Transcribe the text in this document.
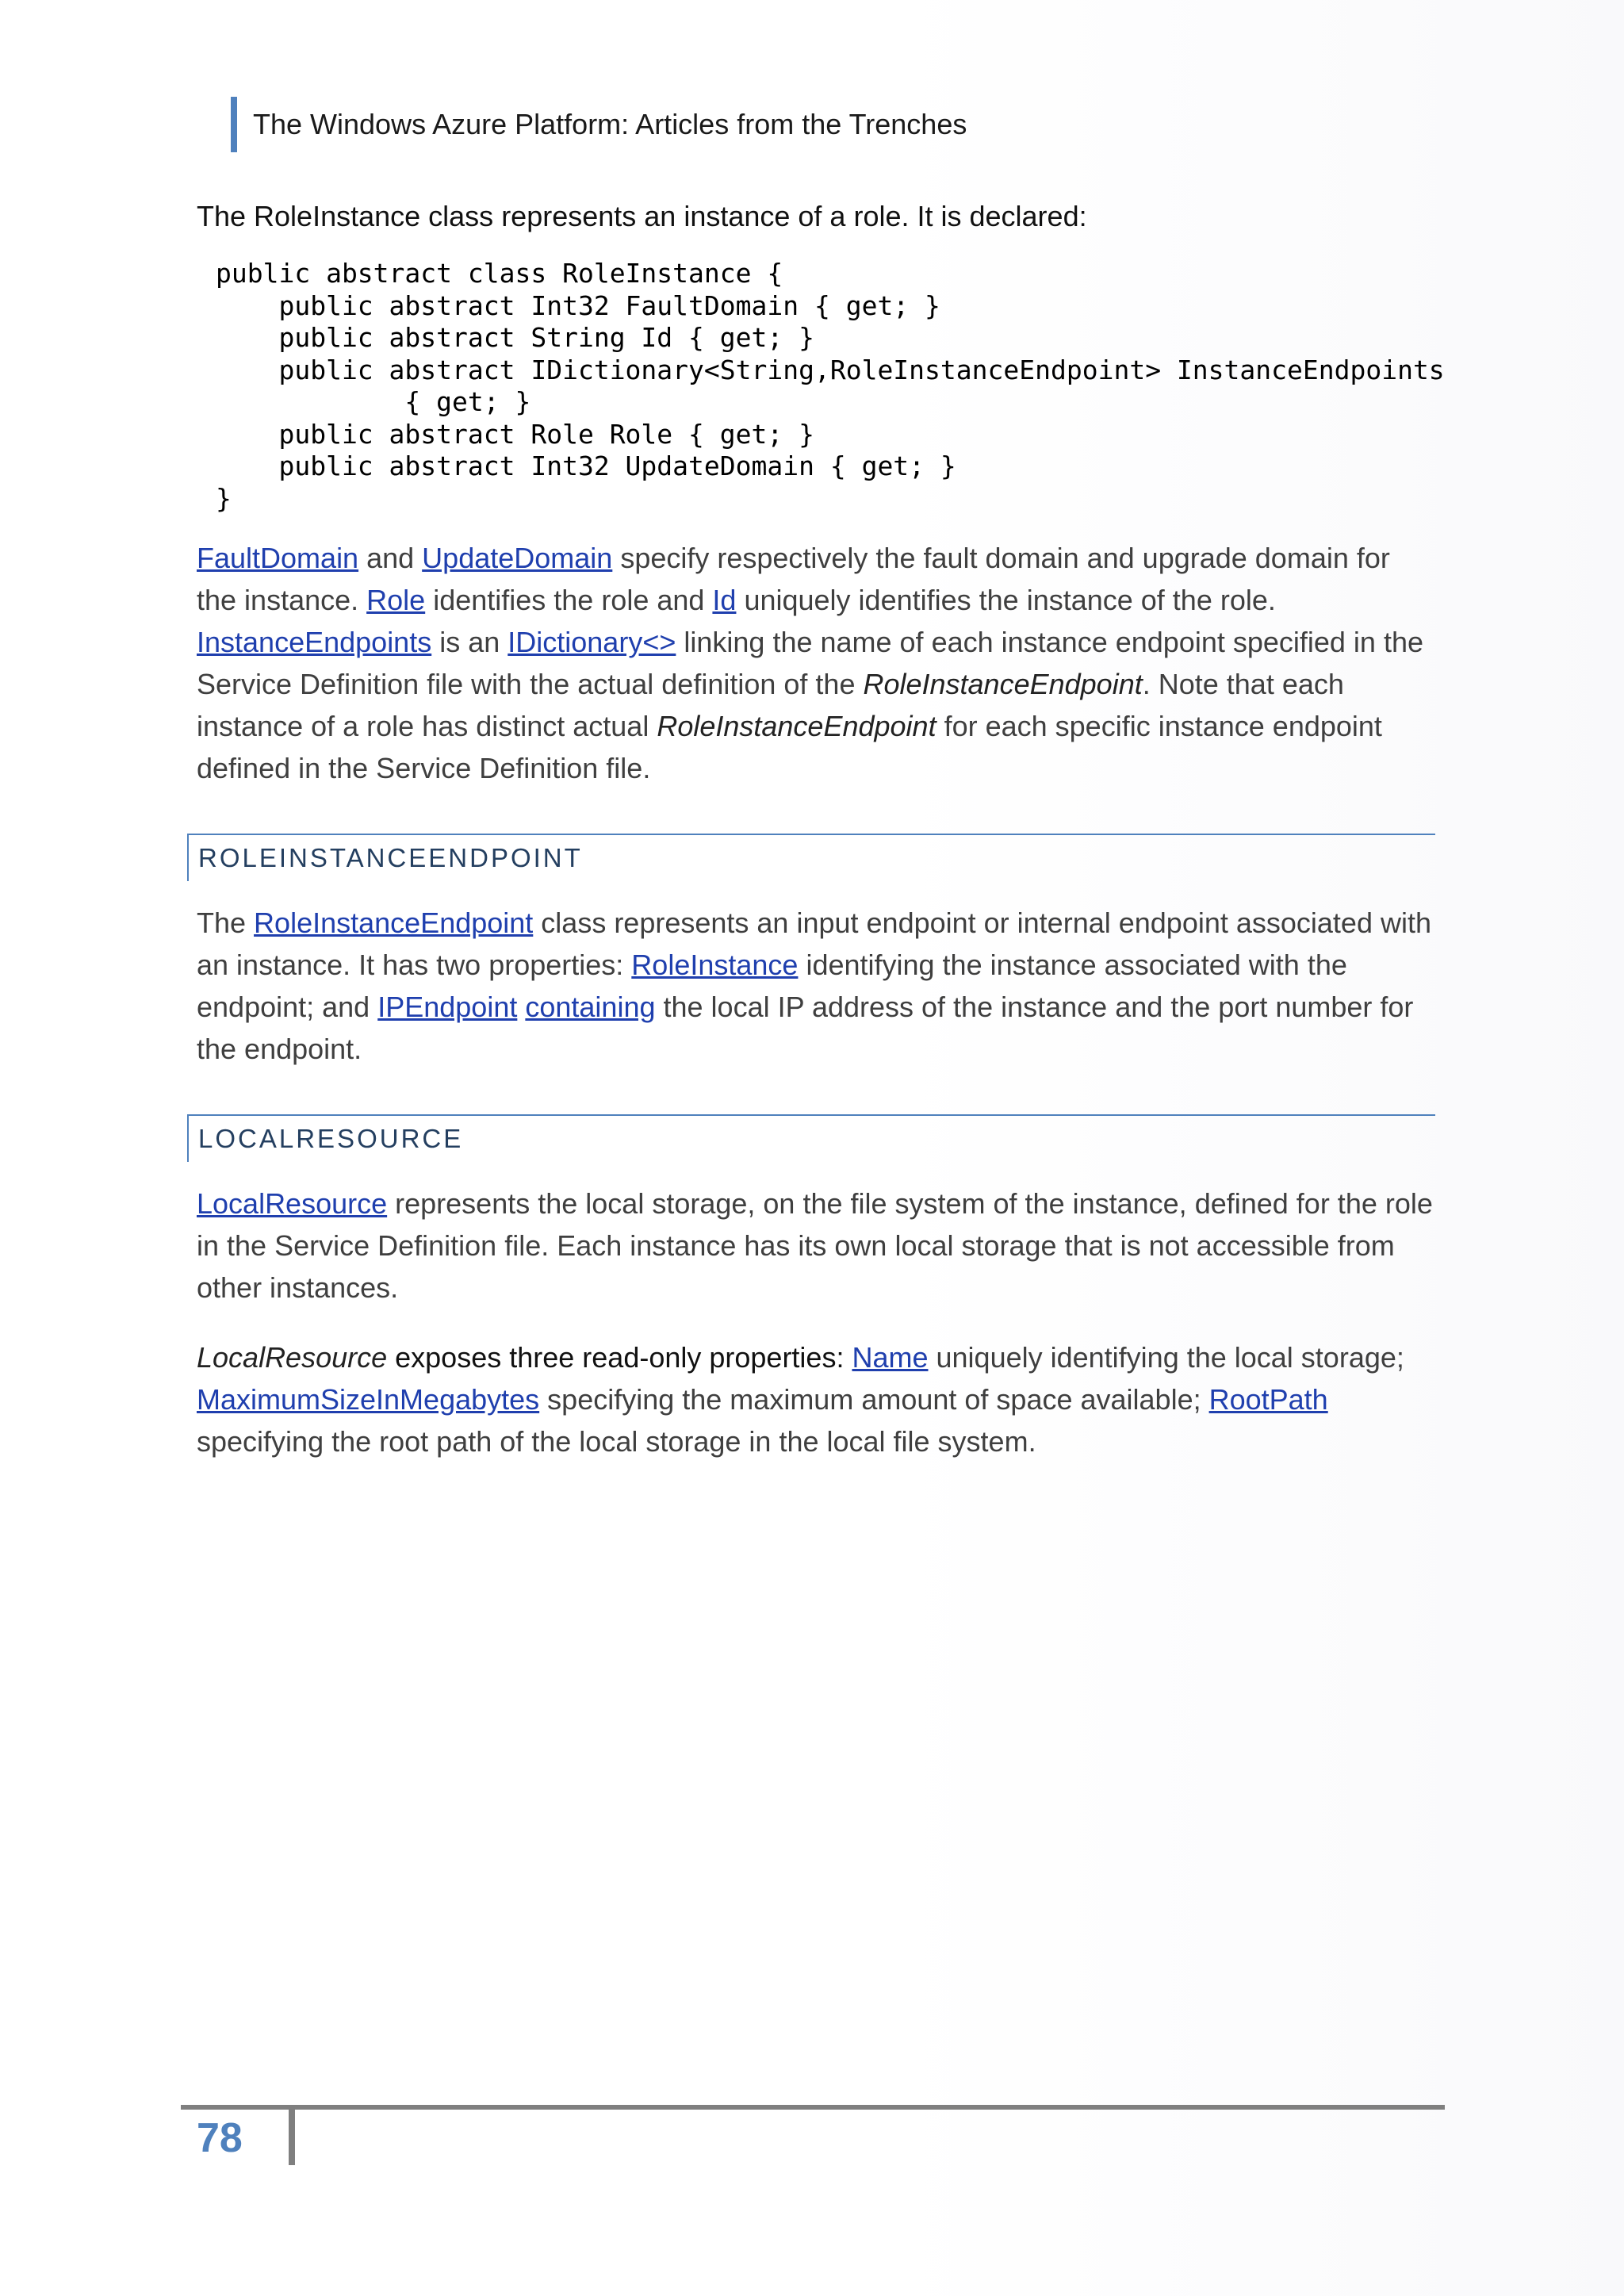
The Windows Azure Platform: Articles from the Trenches

The RoleInstance class represents an instance of a role. It is declared:

public abstract class RoleInstance {
public abstract Int32 FaultDomain { get; }
public abstract String Id { get; }
public abstract IDictionary<String,RoleInstanceEndpoint> InstanceEndpoints
{ get; }
public abstract Role Role { get; }
public abstract Int32 UpdateDomain { get; }
}

FaultDomain and UpdateDomain specify respectively the fault domain and upgrade domain for the instance. Role identifies the role and Id uniquely identifies the instance of the role. InstanceEndpoints is an IDictionary<> linking the name of each instance endpoint specified in the Service Definition file with the actual definition of the RoleInstanceEndpoint. Note that each instance of a role has distinct actual RoleInstanceEndpoint for each specific instance endpoint defined in the Service Definition file.

ROLEINSTANCEENDPOINT

The RoleInstanceEndpoint class represents an input endpoint or internal endpoint associated with an instance. It has two properties: RoleInstance identifying the instance associated with the endpoint; and IPEndpoint containing the local IP address of the instance and the port number for the endpoint.

LOCALRESOURCE

LocalResource represents the local storage, on the file system of the instance, defined for the role in the Service Definition file. Each instance has its own local storage that is not accessible from other instances.

LocalResource exposes three read-only properties: Name uniquely identifying the local storage; MaximumSizeInMegabytes specifying the maximum amount of space available; RootPath specifying the root path of the local storage in the local file system.

78
